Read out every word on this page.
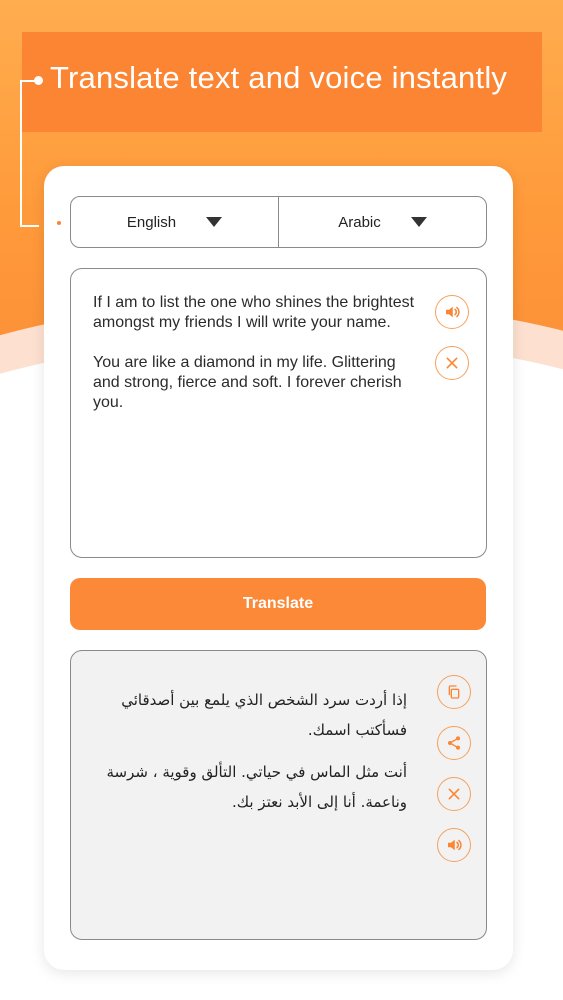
Translate text and voice instantly
English	Arabic
If I am to list the one who shines the brightest amongst my friends I will write your name.

You are like a diamond in my life. Glittering and strong, fierce and soft. I forever cherish you.
Translate

إذا أردت سرد الشخص الذي يلمع بين أصدقائي فسأكتب اسمك.

أنت مثل الماس في حياتي. التألق وقوية ، شرسة وناعمة. أنا إلى الأبد نعتز بك.
